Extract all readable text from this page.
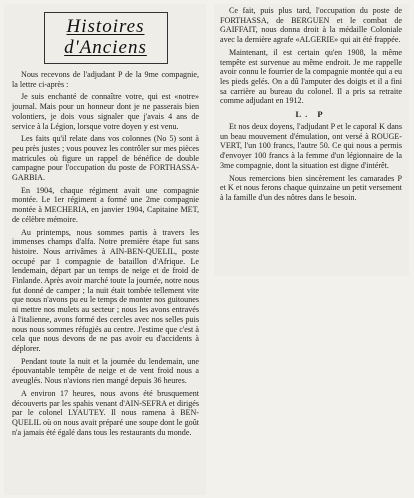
Histoires
d'Anciens

Nous recevons de l'adjudant P de la 9me compagnie, la lettre ci-après :

Je suis enchanté de connaître votre, qui est «notre» journal. Mais pour un honneur dont je ne passerais bien volontiers, je dois vous signaler que j'avais 4 ans de service à la Légion, lorsque votre doyen y est venu.

Les faits qu'il relate dans vos colonnes (No 5) sont à peu près justes ; vous pouvez les contrôler sur mes pièces matricules où figure un rappel de bénéfice de double campagne pour l'occupation du poste de FORTHASSA-GARBIA.

En 1904, chaque régiment avait une compagnie montée. Le 1er régiment a formé une 2me compagnie montée à MECHERIA, en janvier 1904, Capitaine MET, de célèbre mémoire.

Au printemps, nous sommes partis à travers les immenses champs d'alfa. Notre première étape fut sans histoire. Nous arrivâmes à AIN-BEN-QUELIL, poste occupé par 1 compagnie de bataillon d'Afrique. Le lendemain, départ par un temps de neige et de froid de Finlande. Après avoir marché toute la journée, notre nous fut donné de camper ; la nuit était tombée tellement vite que nous n'avons pu eu le temps de monter nos guitounes ni mettre nos mulets au secteur ; nous les avons entravés à l'italienne, avons formé des cercles avec nos selles puis nous nous sommes réfugiés au centre. J'estime que c'est à cela que nous devons de ne pas avoir eu d'accidents à déplorer.

Pendant toute la nuit et la journée du lendemain, une épouvantable tempête de neige et de vent froid nous a aveuglés. Nous n'avions rien mangé depuis 36 heures.

A environ 17 heures, nous avons été brusquement découverts par les spahis venant d'AIN-SEFRA et dirigés par le colonel LYAUTEY. Il nous ramena à BEN-QUELIL où on nous avait préparé une soupe dont le goût n'a jamais été égalé dans tous les restaurants du monde.

Ce fait, puis plus tard, l'occupation du poste de FORTHASSA, de BERGUEN et le combat de GAIFFAIT, nous donna droit à la médaille Coloniale avec la dernière agrafe «ALGERIE» qui ait été frappée.

Maintenant, il est certain qu'en 1908, la même tempête est survenue au même endroit. Je me rappelle avoir connu le fourrier de la compagnie montée qui a eu les pieds gelés. On a dû l'amputer des doigts et il a fini sa carrière au bureau du colonel. Il a pris sa retraite comme adjudant en 1912.

L. P

Et nos deux doyens, l'adjudant P et le caporal K dans un beau mouvement d'émulation, ont versé à ROUGE-VERT, l'un 100 francs, l'autre 50. Ce qui nous a permis d'envoyer 100 francs à la femme d'un légionnaire de la 3me compagnie, dont la situation est digne d'intérêt.

Nous remercions bien sincèrement les camarades P et K et nous ferons chaque quinzaine un petit versement à la famille d'un des nôtres dans le besoin.
